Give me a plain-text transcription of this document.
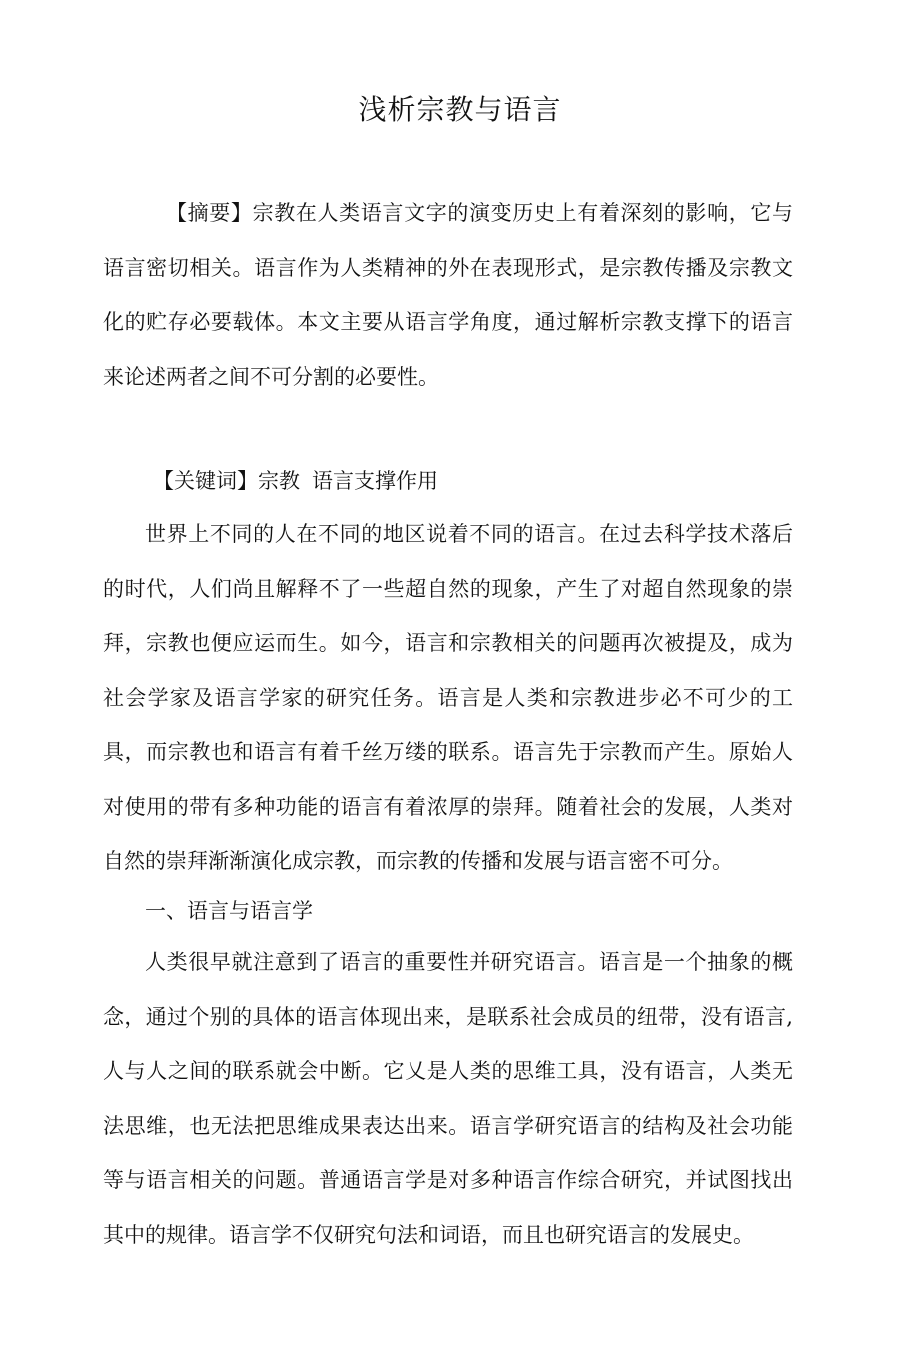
浅析宗教与语言

【摘要】宗教在人类语言文字的演变历史上有着深刻的影响，它与语言密切相关。语言作为人类精神的外在表现形式，是宗教传播及宗教文化的贮存必要载体。本文主要从语言学角度，通过解析宗教支撑下的语言来论述两者之间不可分割的必要性。

【关键词】宗教 语言支撑作用

世界上不同的人在不同的地区说着不同的语言。在过去科学技术落后的时代，人们尚且解释不了一些超自然的现象，产生了对超自然现象的崇拜，宗教也便应运而生。如今，语言和宗教相关的问题再次被提及，成为社会学家及语言学家的研究任务。语言是人类和宗教进步必不可少的工具，而宗教也和语言有着千丝万缕的联系。语言先于宗教而产生。原始人对使用的带有多种功能的语言有着浓厚的崇拜。随着社会的发展，人类对自然的崇拜渐渐演化成宗教，而宗教的传播和发展与语言密不可分。

一、语言与语言学

人类很早就注意到了语言的重要性并研究语言。语言是一个抽象的概念，通过个别的具体的语言体现出来，是联系社会成员的纽带，没有语言,人与人之间的联系就会中断。它乂是人类的思维工具，没有语言，人类无法思维，也无法把思维成果表达出来。语言学研究语言的结构及社会功能等与语言相关的问题。普通语言学是对多种语言作综合研究，并试图找出其中的规律。语言学不仅研究句法和词语，而且也研究语言的发展史。
